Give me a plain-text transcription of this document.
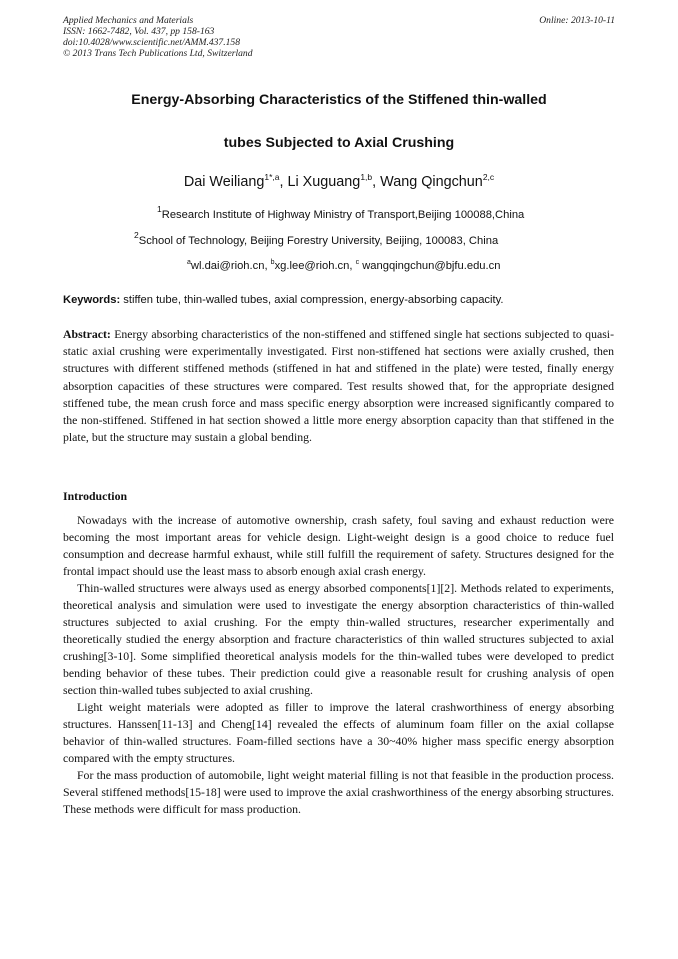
Applied Mechanics and Materials
ISSN: 1662-7482, Vol. 437, pp 158-163
doi:10.4028/www.scientific.net/AMM.437.158
© 2013 Trans Tech Publications Ltd, Switzerland
Online: 2013-10-11
Energy-Absorbing Characteristics of the Stiffened thin-walled
tubes Subjected to Axial Crushing
Dai Weiliang$^{1*,a}$, Li Xuguang$^{1,b}$, Wang Qingchun$^{2,c}$
$^1$Research Institute of Highway Ministry of Transport,Beijing 100088,China
$^2$School of Technology, Beijing Forestry University, Beijing, 100083, China
$^a$wl.dai@rioh.cn, $^b$xg.lee@rioh.cn, $^c$ wangqingchun@bjfu.edu.cn
Keywords: stiffen tube, thin-walled tubes, axial compression, energy-absorbing capacity.
Abstract: Energy absorbing characteristics of the non-stiffened and stiffened single hat sections subjected to quasi-static axial crushing were experimentally investigated. First non-stiffened hat sections were axially crushed, then structures with different stiffened methods (stiffened in hat and stiffened in the plate) were tested, finally energy absorption capacities of these structures were compared. Test results showed that, for the appropriate designed stiffened tube, the mean crush force and mass specific energy absorption were increased significantly compared to the non-stiffened. Stiffened in hat section showed a little more energy absorption capacity than that stiffened in the plate, but the structure may sustain a global bending.
Introduction

Nowadays with the increase of automotive ownership, crash safety, foul saving and exhaust reduction were becoming the most important areas for vehicle design. Light-weight design is a good choice to reduce fuel consumption and decrease harmful exhaust, while still fulfill the requirement of safety. Structures designed for the frontal impact should use the least mass to absorb enough axial crash energy.

Thin-walled structures were always used as energy absorbed components[1][2]. Methods related to experiments, theoretical analysis and simulation were used to investigate the energy absorption characteristics of thin-walled structures subjected to axial crushing. For the empty thin-walled structures, researcher experimentally and theoretically studied the energy absorption and fracture characteristics of thin walled structures subjected to axial crushing[3-10]. Some simplified theoretical analysis models for the thin-walled tubes were developed to predict bending behavior of these tubes. Their prediction could give a reasonable result for crushing analysis of open section thin-walled tubes subjected to axial crushing.

Light weight materials were adopted as filler to improve the lateral crashworthiness of energy absorbing structures. Hanssen[11-13] and Cheng[14] revealed the effects of aluminum foam filler on the axial collapse behavior of thin-walled structures. Foam-filled sections have a 30~40% higher mass specific energy absorption compared with the empty structures.

For the mass production of automobile, light weight material filling is not that feasible in the production process. Several stiffened methods[15-18] were used to improve the axial crashworthiness of the energy absorbing structures. These methods were difficult for mass production.
